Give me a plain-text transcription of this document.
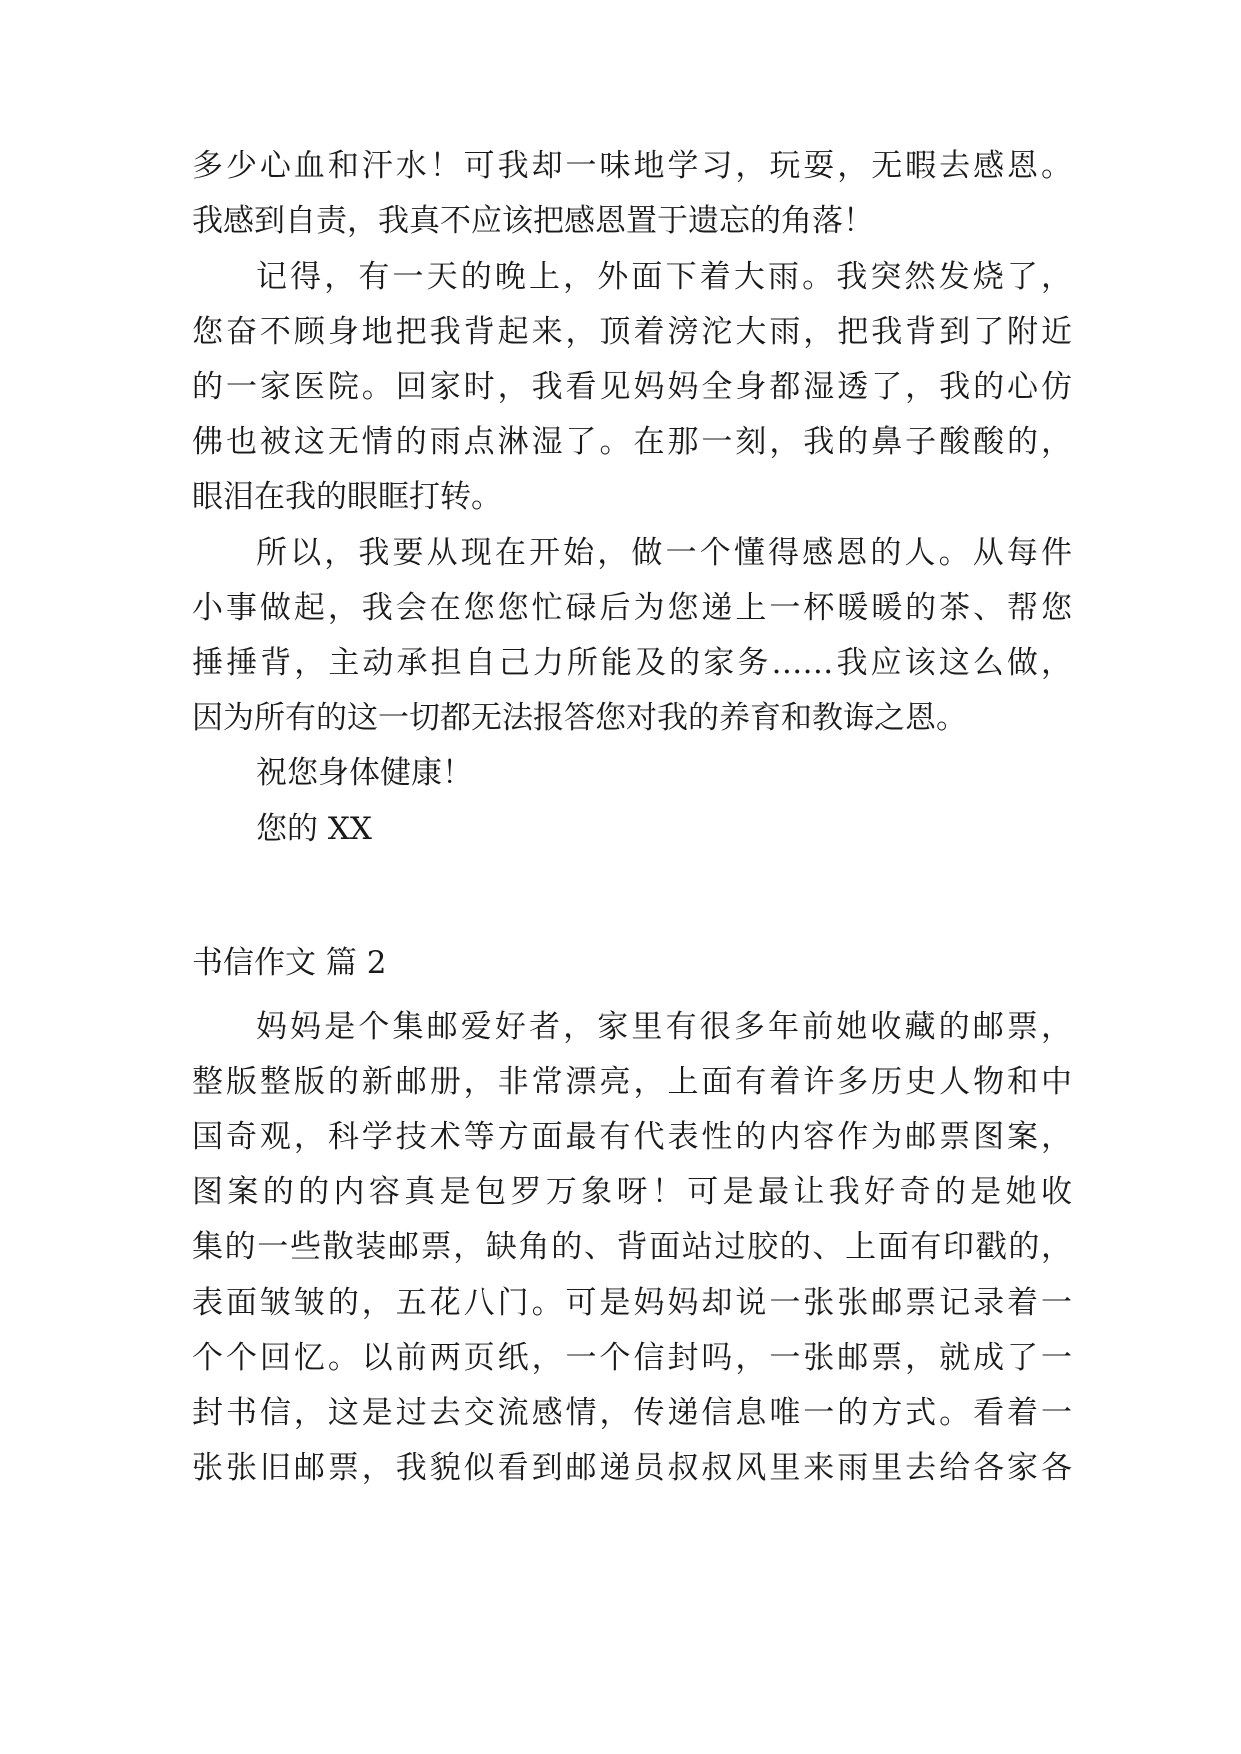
多少心血和汗水！可我却一味地学习，玩耍，无暇去感恩。
我感到自责，我真不应该把感恩置于遗忘的角落！
记得，有一天的晚上，外面下着大雨。我突然发烧了，
您奋不顾身地把我背起来，顶着滂沱大雨，把我背到了附近
的一家医院。回家时，我看见妈妈全身都湿透了，我的心仿
佛也被这无情的雨点淋湿了。在那一刻，我的鼻子酸酸的，
眼泪在我的眼眶打转。
所以，我要从现在开始，做一个懂得感恩的人。从每件
小事做起，我会在您您忙碌后为您递上一杯暖暖的茶、帮您
捶捶背，主动承担自己力所能及的家务……我应该这么做，
因为所有的这一切都无法报答您对我的养育和教诲之恩。
祝您身体健康！
您的 XX
书信作文 篇 2
妈妈是个集邮爱好者，家里有很多年前她收藏的邮票，
整版整版的新邮册，非常漂亮，上面有着许多历史人物和中
国奇观，科学技术等方面最有代表性的内容作为邮票图案，
图案的的内容真是包罗万象呀！可是最让我好奇的是她收
集的一些散装邮票，缺角的、背面站过胶的、上面有印戳的，
表面皱皱的，五花八门。可是妈妈却说一张张邮票记录着一
个个回忆。以前两页纸，一个信封吗，一张邮票，就成了一
封书信，这是过去交流感情，传递信息唯一的方式。看着一
张张旧邮票，我貌似看到邮递员叔叔风里来雨里去给各家各
